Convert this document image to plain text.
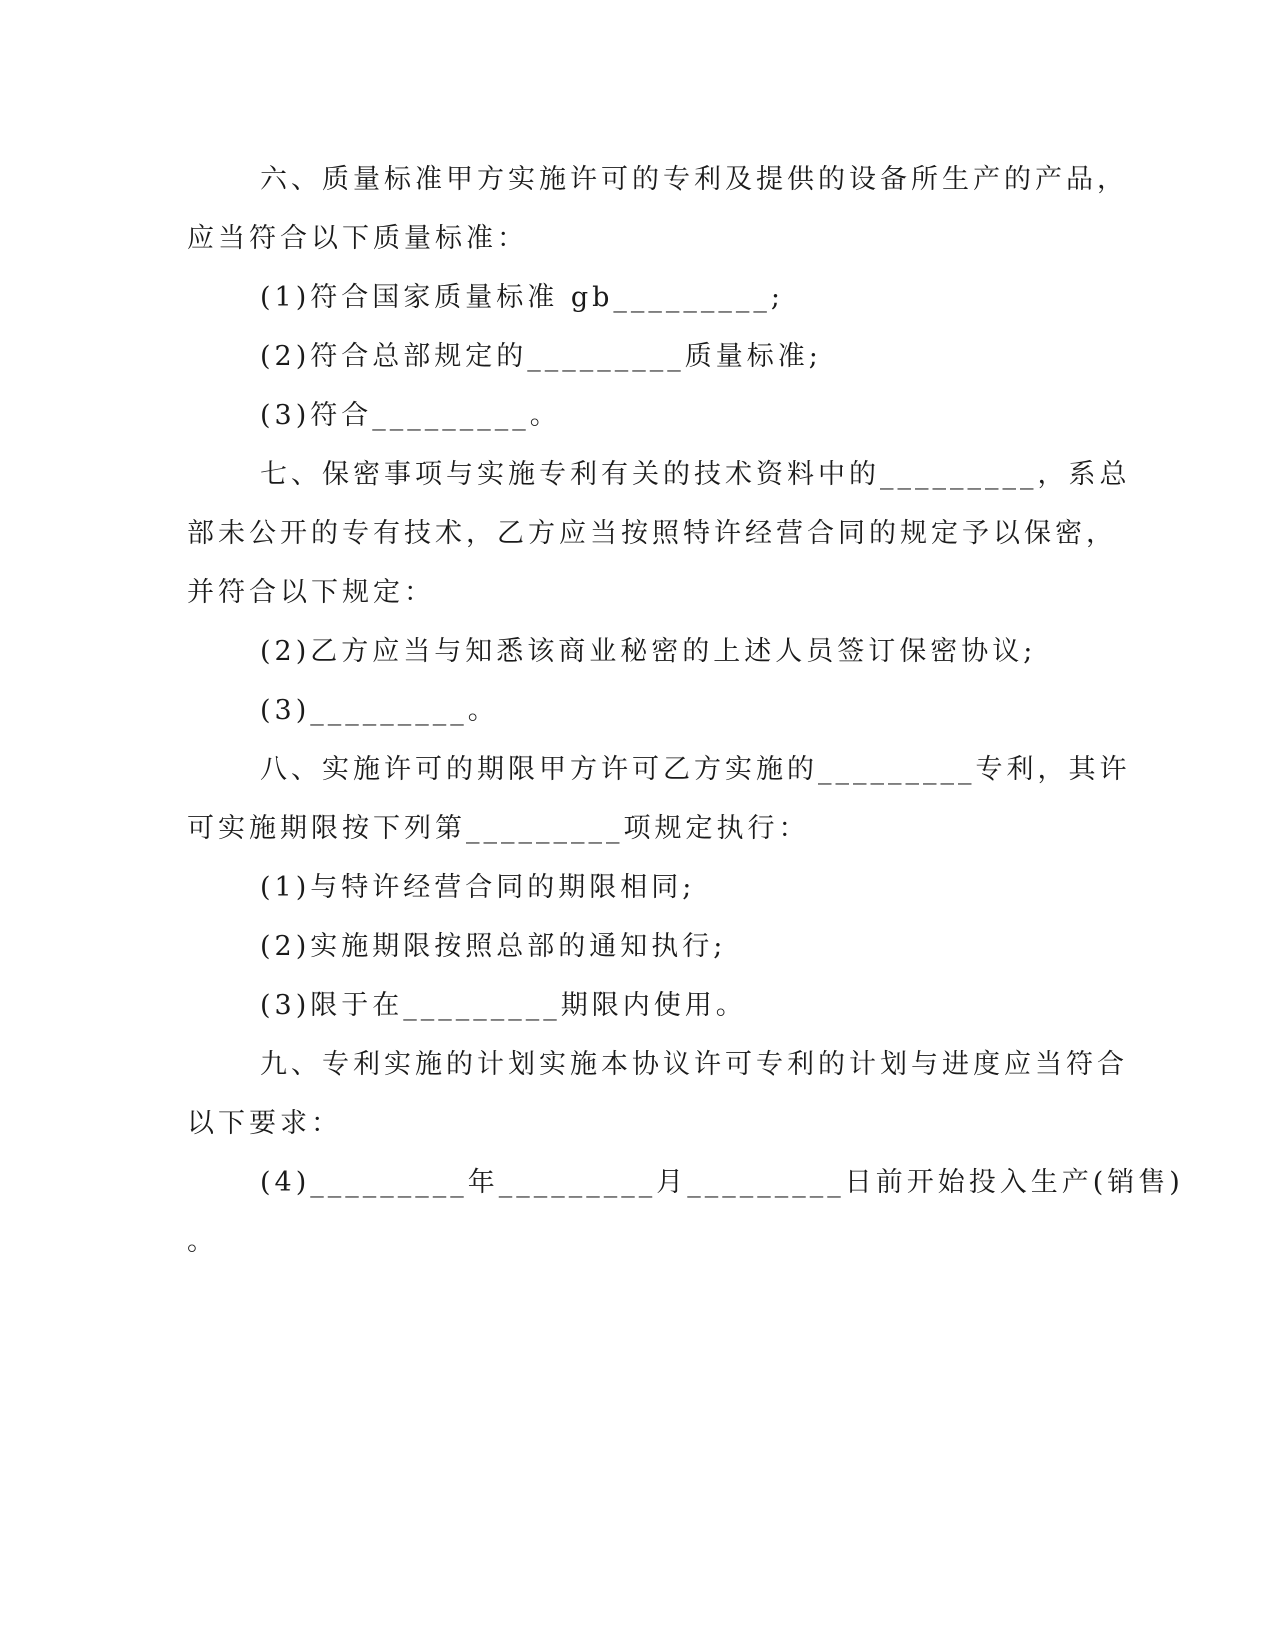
六、质量标准甲方实施许可的专利及提供的设备所生产的产品，
应当符合以下质量标准：
(1)符合国家质量标准 gb_________;
(2)符合总部规定的_________质量标准;
(3)符合_________。
七、保密事项与实施专利有关的技术资料中的_________，系总
部未公开的专有技术，乙方应当按照特许经营合同的规定予以保密，
并符合以下规定：
(2)乙方应当与知悉该商业秘密的上述人员签订保密协议;
(3)_________。
八、实施许可的期限甲方许可乙方实施的_________专利，其许
可实施期限按下列第_________项规定执行：
(1)与特许经营合同的期限相同;
(2)实施期限按照总部的通知执行;
(3)限于在_________期限内使用。
九、专利实施的计划实施本协议许可专利的计划与进度应当符合
以下要求：
(4)_________年_________月_________日前开始投入生产(销售)
。
